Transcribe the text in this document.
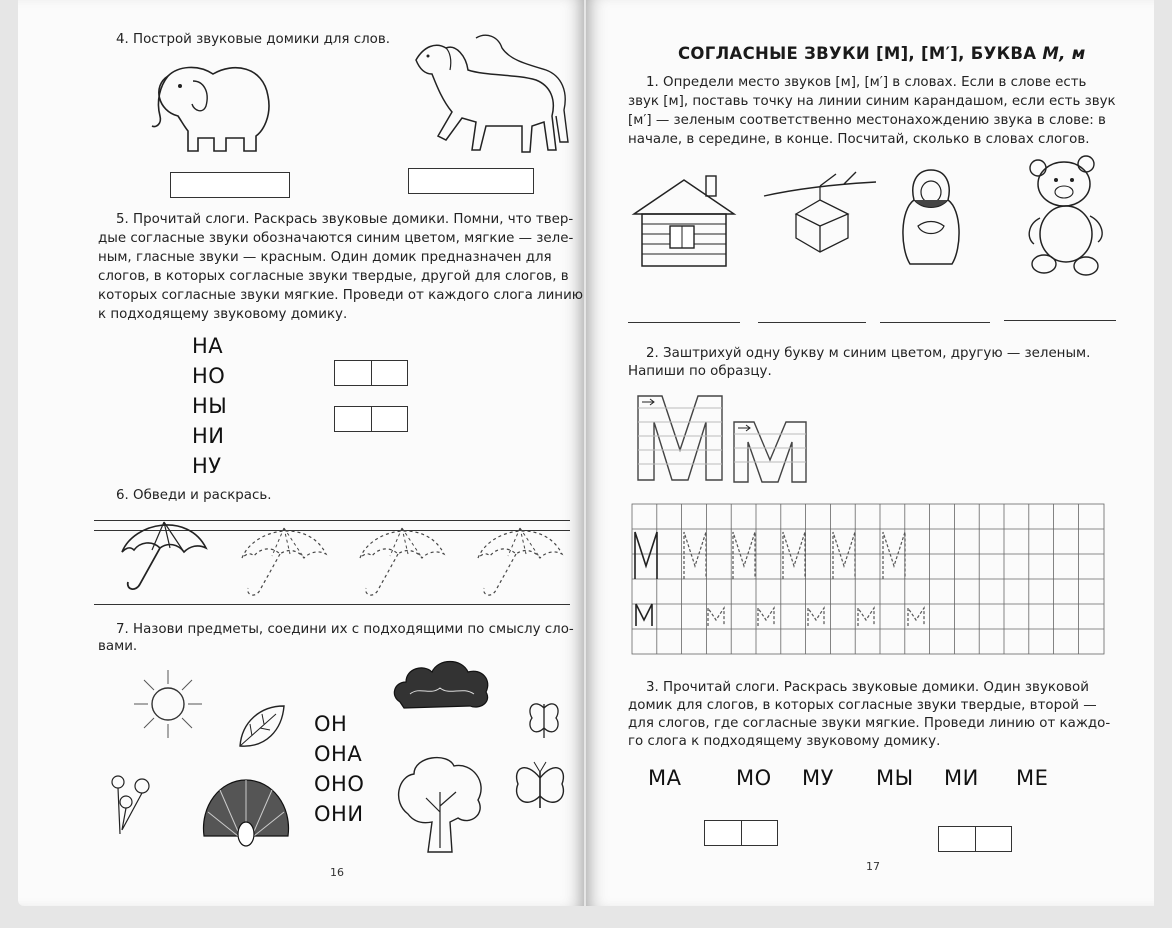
4. Построй звуковые домики для слов.
5. Прочитай слоги. Раскрась звуковые домики. Помни, что твер-
дые согласные звуки обозначаются синим цветом, мягкие — зеле-
ным, гласные звуки — красным. Один домик предназначен для
слогов, в которых согласные звуки твердые, другой для слогов, в
которых согласные звуки мягкие. Проведи от каждого слога линию
к подходящему звуковому домику.
НА
НО
НЫ
НИ
НУ
6. Обведи и раскрась.
7. Назови предметы, соедини их с подходящими по смыслу сло-
вами.
ОН
ОНА
ОНО
ОНИ
16
СОГЛАСНЫЕ ЗВУКИ [М], [М′], БУКВА М, м
1. Определи место звуков [м], [м′] в словах. Если в слове есть
звук [м], поставь точку на линии синим карандашом, если есть звук
[м′] — зеленым соответственно местонахождению звука в слове: в
начале, в середине, в конце. Посчитай, сколько в словах слогов.
2. Заштрихуй одну букву м синим цветом, другую — зеленым.
Напиши по образцу.
3. Прочитай слоги. Раскрась звуковые домики. Один звуковой
домик для слогов, в которых согласные звуки твердые, второй —
для слогов, где согласные звуки мягкие. Проведи линию от каждо-
го слога к подходящему звуковому домику.
МА	МО МУ МЫ МИ МЕ
17
